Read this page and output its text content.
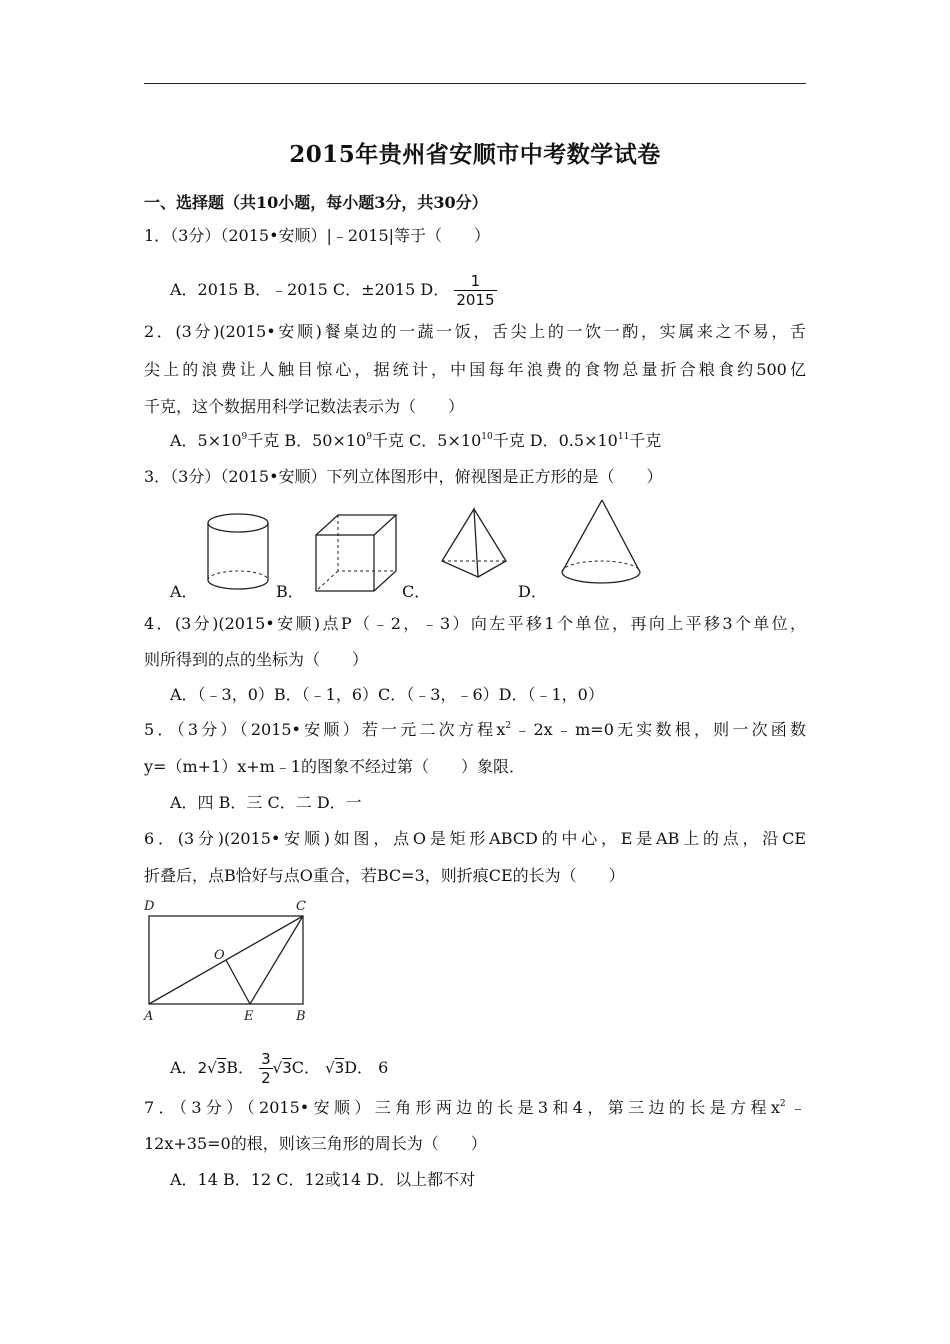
2015年贵州省安顺市中考数学试卷
一、选择题（共10小题，每小题3分，共30分）
1．（3分）（2015•安顺）|﹣2015|等于（　　）
A．2015 B．﹣2015 C．±2015 D． $\frac{1}{2015}$
2．(3分)(2015•安顺)餐桌边的一蔬一饭，舌尖上的一饮一酌，实属来之不易，舌
尖上的浪费让人触目惊心，据统计，中国每年浪费的食物总量折合粮食约500亿
千克，这个数据用科学记数法表示为（　　）
A．$5\times 10^9$千克 B．$50\times 10^9$千克 C．$5\times 10^{10}$千克 D．$0.5\times 10^{11}$千克
3．（3分）（2015•安顺）下列立体图形中，俯视图是正方形的是（　　）
A．	B．	C．	D．
4．(3分)(2015•安顺)点P（﹣2，﹣3）向左平移1个单位，再向上平移3个单位，
则所得到的点的坐标为（　　）
A．（﹣3，0）B．（﹣1，6）C．（﹣3，﹣6）D．（﹣1，0）
5．（3分）（2015•安顺）若一元二次方程$x^2﹣2x﹣m=0$无实数根，则一次函数
y=（m+1）x+m﹣1的图象不经过第（　　）象限．
A．四 B．三 C．二 D．一
6．(3分)(2015•安顺)如图，点O是矩形ABCD的中心，E是AB上的点，沿CE
折叠后，点B恰好与点O重合，若BC=3，则折痕CE的长为（　　）
D	C
O
A	E	B
A．2√3B． $\frac{3}{2} √3C$． √3D． 6
7．（3分）（2015•安顺）三角形两边的长是3和4，第三边的长是方程$x^2﹣$
12x+35=0的根，则该三角形的周长为（　　）
A．14 B．12 C．12或14 D．以上都不对
